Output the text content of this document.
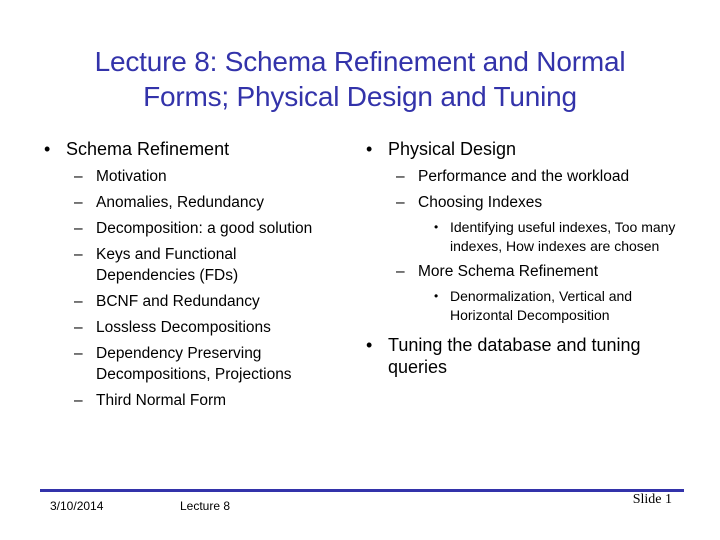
Lecture 8: Schema Refinement and Normal
Forms; Physical Design and Tuning
• Schema Refinement
– Motivation
– Anomalies, Redundancy
– Decomposition: a good solution
– Keys and Functional Dependencies (FDs)
– BCNF and Redundancy
– Lossless Decompositions
– Dependency Preserving Decompositions, Projections
– Third Normal Form
• Physical Design
– Performance and the workload
– Choosing Indexes
• Identifying useful indexes, Too many indexes, How indexes are chosen
– More Schema Refinement
• Denormalization, Vertical and Horizontal Decomposition
• Tuning the database and tuning queries
3/10/2014	Lecture 8	Slide 1
